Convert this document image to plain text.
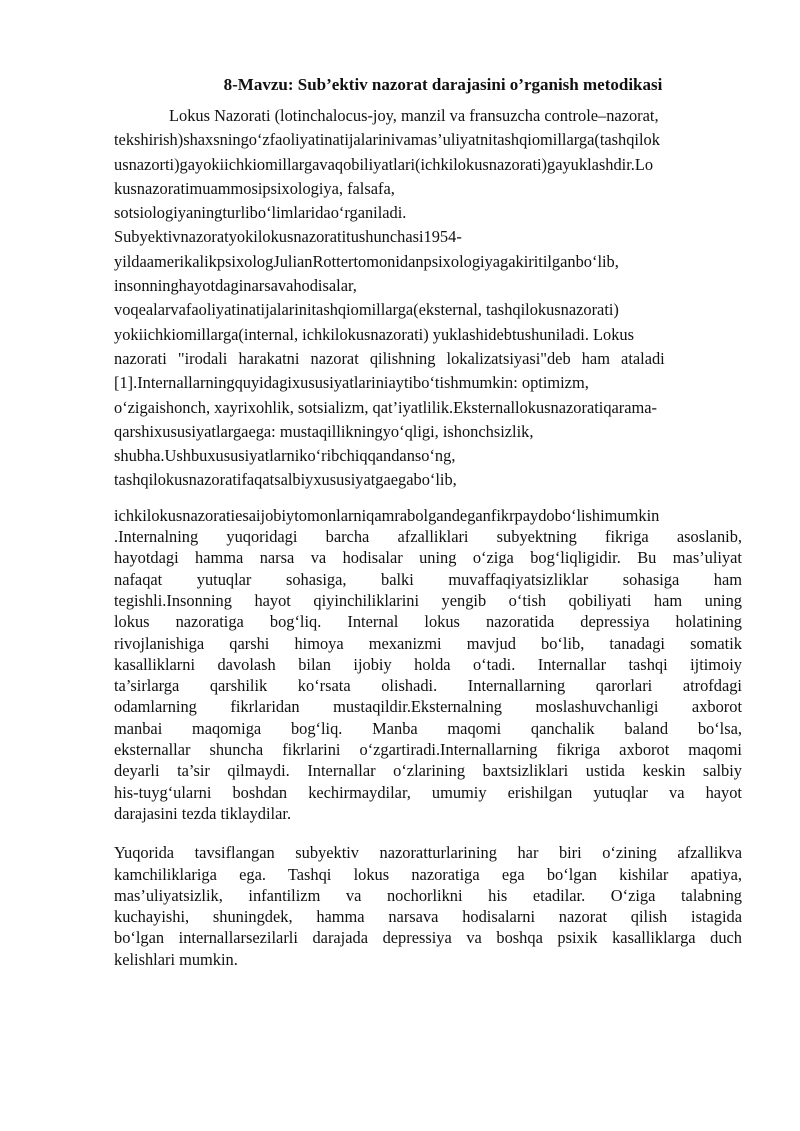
8-Mavzu: Sub’ektiv nazorat darajasini o’rganish metodikasi
Lokus Nazorati (lotinchalocus-joy, manzil va fransuzcha controle–nazorat,
tekshirish)shaxsningo‘zfaoliyatinatijalarinivamas’uliyatnitashqiomillarga(tashqilok
usnazorti)gayokiichkiomillargavaqobiliyatlari(ichkilokusnazorati)gayuklashdir.Lo
kusnazoratimuammosipsixologiya, falsafa,
sotsiologiyaningturlibo‘limlaridao‘rganiladi.
Subyektivnazoratyokilokusnazoratitushunchasi1954-
yildaamerikalikpsixologJulianRottertomonidanpsixologiyagakiritilganbo‘lib,
insonninghayotdaginarsavahodisalar,
voqealarvafaoliyatinatijalarinitashqiomillarga(eksternal, tashqilokusnazorati)
yokiichkiomillarga(internal, ichkilokusnazorati) yuklashidebtushuniladi. Lokus
nazorati "irodali harakatni nazorat qilishning lokalizatsiyasi"deb ham ataladi
[1].Internallarningquyidagixususiyatlariniaytibo‘tishmumkin: optimizm,
o‘zigaishonch, xayrixohlik, sotsializm, qat’iyatlilik.Eksternallokusnazoratiqarama-
qarshixususiyatlargaega: mustaqillikningyo‘qligi, ishonchsizlik,
shubha.Ushbuxususiyatlarniko‘ribchiqqandanso‘ng,
tashqilokusnazoratifaqatsalbiyxususiyatgaegabo‘lib,
ichkilokusnazoratiesaijobiytomonlarniqamrabolgandeganfikrpaydobo‘lishimumkin
.Internalning yuqoridagi barcha afzalliklari subyektning fikriga asoslanib,
hayotdagi hamma narsa va hodisalar uning o‘ziga bog‘liqligidir. Bu mas’uliyat
nafaqat yutuqlar sohasiga, balki muvaffaqiyatsizliklar sohasiga ham
tegishli.Insonning hayot qiyinchiliklarini yengib o‘tish qobiliyati ham uning
lokus nazoratiga bog‘liq. Internal lokus nazoratida depressiya holatining
rivojlanishiga qarshi himoya mexanizmi mavjud bo‘lib, tanadagi somatik
kasalliklarni davolash bilan ijobiy holda o‘tadi. Internallar tashqi ijtimoiy
ta’sirlarga qarshilik ko‘rsata olishadi. Internallarning qarorlari atrofdagi
odamlarning fikrlaridan mustaqildir.Eksternalning moslashuvchanligi axborot
manbai maqomiga bog‘liq. Manba maqomi qanchalik baland bo‘lsa,
eksternallar shuncha fikrlarini o‘zgartiradi.Internallarning fikriga axborot maqomi
deyarli ta’sir qilmaydi. Internallar o‘zlarining baxtsizliklari ustida keskin salbiy
his-tuyg‘ularni boshdan kechirmaydilar, umumiy erishilgan yutuqlar va hayot
darajasini tezda tiklaydilar.
Yuqorida tavsiflangan subyektiv nazoratturlarining har biri o‘zining afzallikva
kamchiliklariga ega. Tashqi lokus nazoratiga ega bo‘lgan kishilar apatiya,
mas’uliyatsizlik, infantilizm va nochorlikni his etadilar. O‘ziga talabning
kuchayishi, shuningdek, hamma narsava hodisalarni nazorat qilish istagida
bo‘lgan internallarsezilarli darajada depressiya va boshqa psixik kasalliklarga duch
kelishlari mumkin.
